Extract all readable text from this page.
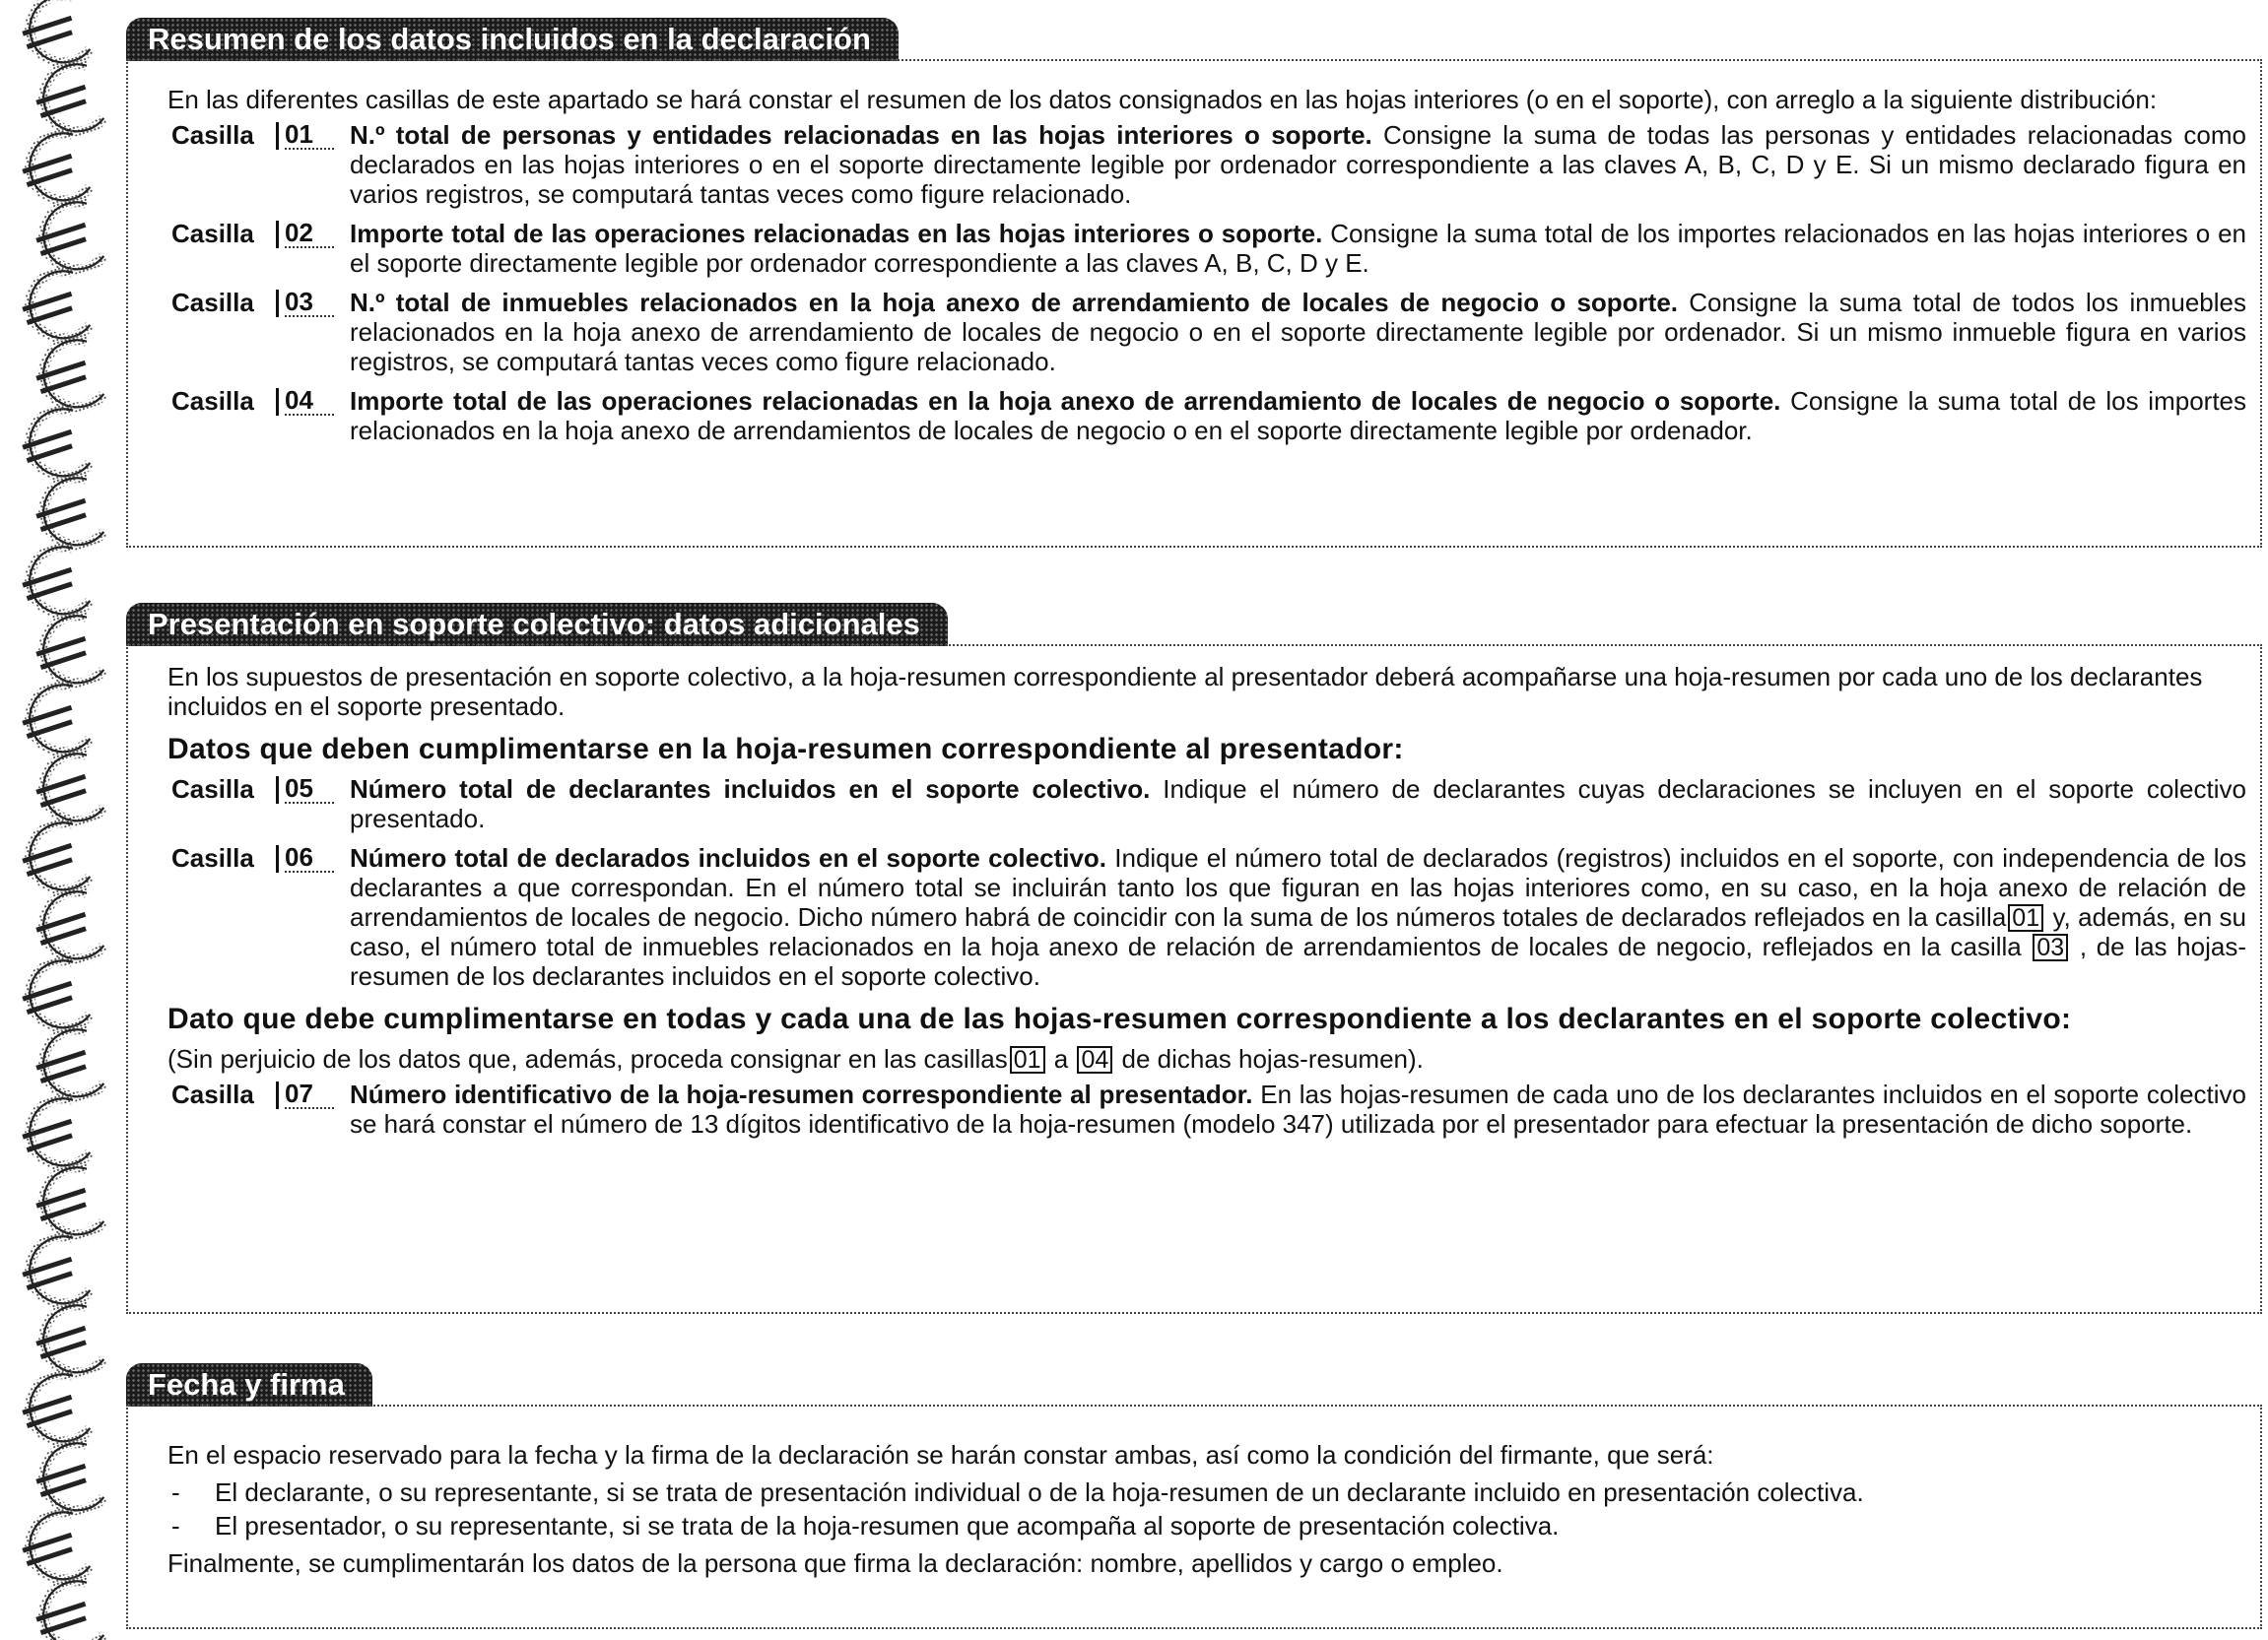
Resumen de los datos incluidos en la declaración

En las diferentes casillas de este apartado se hará constar el resumen de los datos consignados en las hojas interiores (o en el soporte), con arreglo a la siguiente distribución:

Casilla	01	N.º total de personas y entidades relacionadas en las hojas interiores o soporte. Consigne la suma de todas las personas y entidades relacionadas como declarados en las hojas interiores o en el soporte directamente legible por ordenador correspondiente a las claves A, B, C, D y E. Si un mismo declarado figura en varios registros, se computará tantas veces como figure relacionado.
Casilla	02	Importe total de las operaciones relacionadas en las hojas interiores o soporte. Consigne la suma total de los importes relacionados en las hojas interiores o en el soporte directamente legible por ordenador correspondiente a las claves A, B, C, D y E.
Casilla	03	N.º total de inmuebles relacionados en la hoja anexo de arrendamiento de locales de negocio o soporte. Consigne la suma total de todos los inmuebles relacionados en la hoja anexo de arrendamiento de locales de negocio o en el soporte directamente legible por ordenador. Si un mismo inmueble figura en varios registros, se computará tantas veces como figure relacionado.
Casilla	04	Importe total de las operaciones relacionadas en la hoja anexo de arrendamiento de locales de negocio o soporte. Consigne la suma total de los importes relacionados en la hoja anexo de arrendamientos de locales de negocio o en el soporte directamente legible por ordenador.
Presentación en soporte colectivo: datos adicionales

En los supuestos de presentación en soporte colectivo, a la hoja-resumen correspondiente al presentador deberá acompañarse una hoja-resumen por cada uno de los declarantes incluidos en el soporte presentado.

Datos que deben cumplimentarse en la hoja-resumen correspondiente al presentador:

Casilla	05	Número total de declarantes incluidos en el soporte colectivo. Indique el número de declarantes cuyas declaraciones se incluyen en el soporte colectivo presentado.
Casilla	06	Número total de declarados incluidos en el soporte colectivo. Indique el número total de declarados (registros) incluidos en el soporte, con independencia de los declarantes a que correspondan. En el número total se incluirán tanto los que figuran en las hojas interiores como, en su caso, en la hoja anexo de relación de arrendamientos de locales de negocio. Dicho número habrá de coincidir con la suma de los números totales de declarados reflejados en la casilla 01 y, además, en su caso, el número total de inmuebles relacionados en la hoja anexo de relación de arrendamientos de locales de negocio, reflejados en la casilla 03 , de las hojas-resumen de los declarantes incluidos en el soporte colectivo.

Dato que debe cumplimentarse en todas y cada una de las hojas-resumen correspondiente a los declarantes en el soporte colectivo:

(Sin perjuicio de los datos que, además, proceda consignar en las casillas 01 a 04 de dichas hojas-resumen).

Casilla	07	Número identificativo de la hoja-resumen correspondiente al presentador. En las hojas-resumen de cada uno de los declarantes incluidos en el soporte colectivo se hará constar el número de 13 dígitos identificativo de la hoja-resumen (modelo 347) utilizada por el presentador para efectuar la presentación de dicho soporte.
Fecha y firma

En el espacio reservado para la fecha y la firma de la declaración se harán constar ambas, así como la condición del firmante, que será:

-	El declarante, o su representante, si se trata de presentación individual o de la hoja-resumen de un declarante incluido en presentación colectiva.
-	El presentador, o su representante, si se trata de la hoja-resumen que acompaña al soporte de presentación colectiva.

Finalmente, se cumplimentarán los datos de la persona que firma la declaración: nombre, apellidos y cargo o empleo.
